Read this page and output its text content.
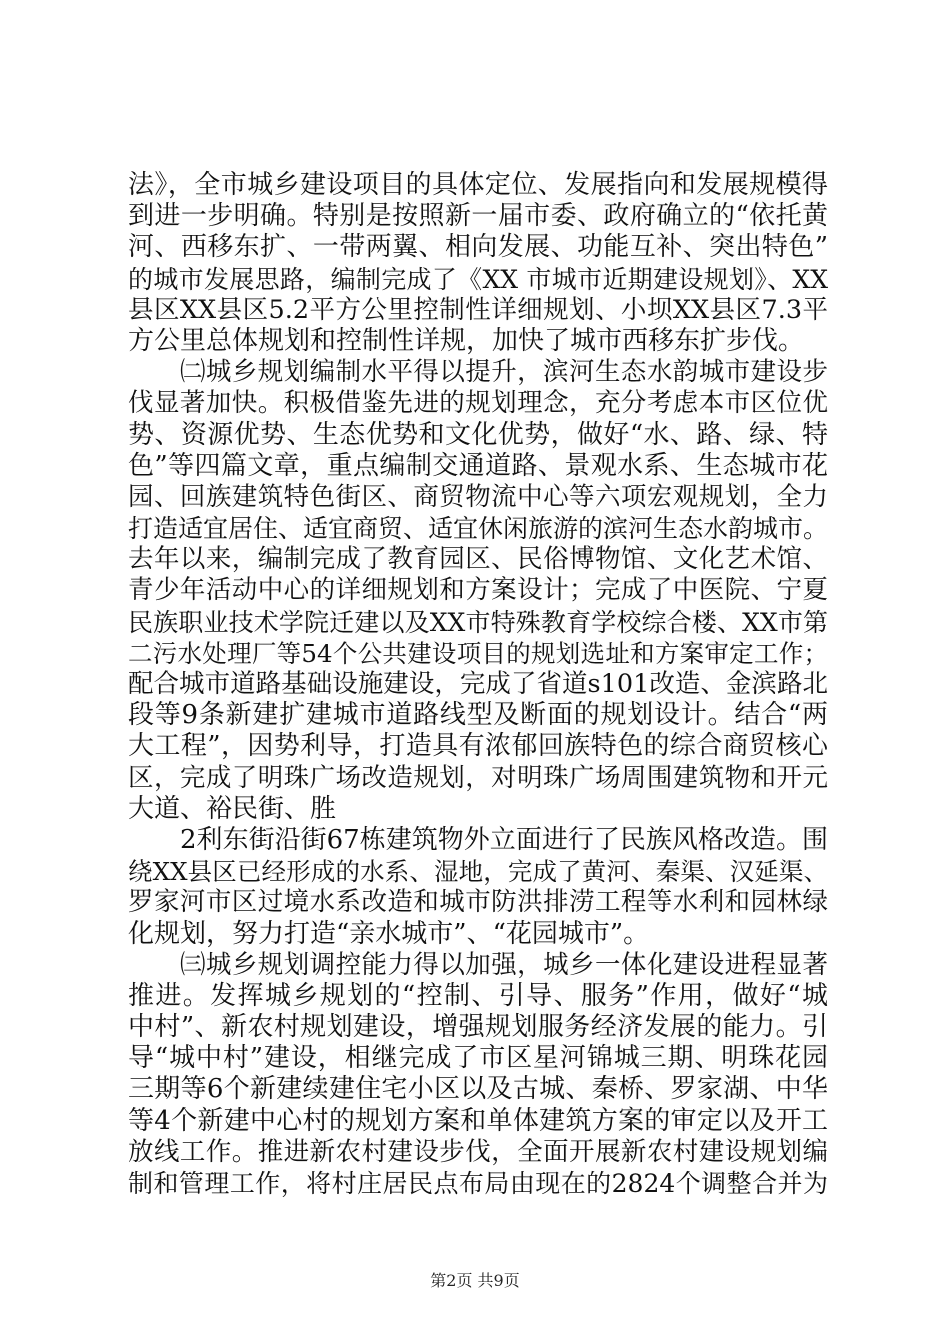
法》，全市城乡建设项目的具体定位、发展指向和发展规模得
到进一步明确。特别是按照新一届市委、政府确立的“依托黄
河、西移东扩、一带两翼、相向发展、功能互补、突出特色”
的城市发展思路，编制完成了《XX 市城市近期建设规划》、XX
县区XX县区5.2平方公里控制性详细规划、小坝XX县区7.3平
方公里总体规划和控制性详规，加快了城市西移东扩步伐。
㈡城乡规划编制水平得以提升，滨河生态水韵城市建设步
伐显著加快。积极借鉴先进的规划理念，充分考虑本市区位优
势、资源优势、生态优势和文化优势，做好“水、路、绿、特
色”等四篇文章，重点编制交通道路、景观水系、生态城市花
园、回族建筑特色街区、商贸物流中心等六项宏观规划，全力
打造适宜居住、适宜商贸、适宜休闲旅游的滨河生态水韵城市。
去年以来，编制完成了教育园区、民俗博物馆、文化艺术馆、
青少年活动中心的详细规划和方案设计；完成了中医院、宁夏
民族职业技术学院迁建以及XX市特殊教育学校综合楼、XX市第
二污水处理厂等54个公共建设项目的规划选址和方案审定工作；
配合城市道路基础设施建设，完成了省道s101改造、金滨路北
段等9条新建扩建城市道路线型及断面的规划设计。结合“两
大工程”，因势利导，打造具有浓郁回族特色的综合商贸核心
区，完成了明珠广场改造规划，对明珠广场周围建筑物和开元
大道、裕民街、胜
2利东街沿街67栋建筑物外立面进行了民族风格改造。围
绕XX县区已经形成的水系、湿地，完成了黄河、秦渠、汉延渠、
罗家河市区过境水系改造和城市防洪排涝工程等水利和园林绿
化规划，努力打造“亲水城市”、“花园城市”。
㈢城乡规划调控能力得以加强，城乡一体化建设进程显著
推进。发挥城乡规划的“控制、引导、服务”作用，做好“城
中村”、新农村规划建设，增强规划服务经济发展的能力。引
导“城中村”建设，相继完成了市区星河锦城三期、明珠花园
三期等6个新建续建住宅小区以及古城、秦桥、罗家湖、中华
等4个新建中心村的规划方案和单体建筑方案的审定以及开工
放线工作。推进新农村建设步伐，全面开展新农村建设规划编
制和管理工作，将村庄居民点布局由现在的2824个调整合并为
第2页 共9页
